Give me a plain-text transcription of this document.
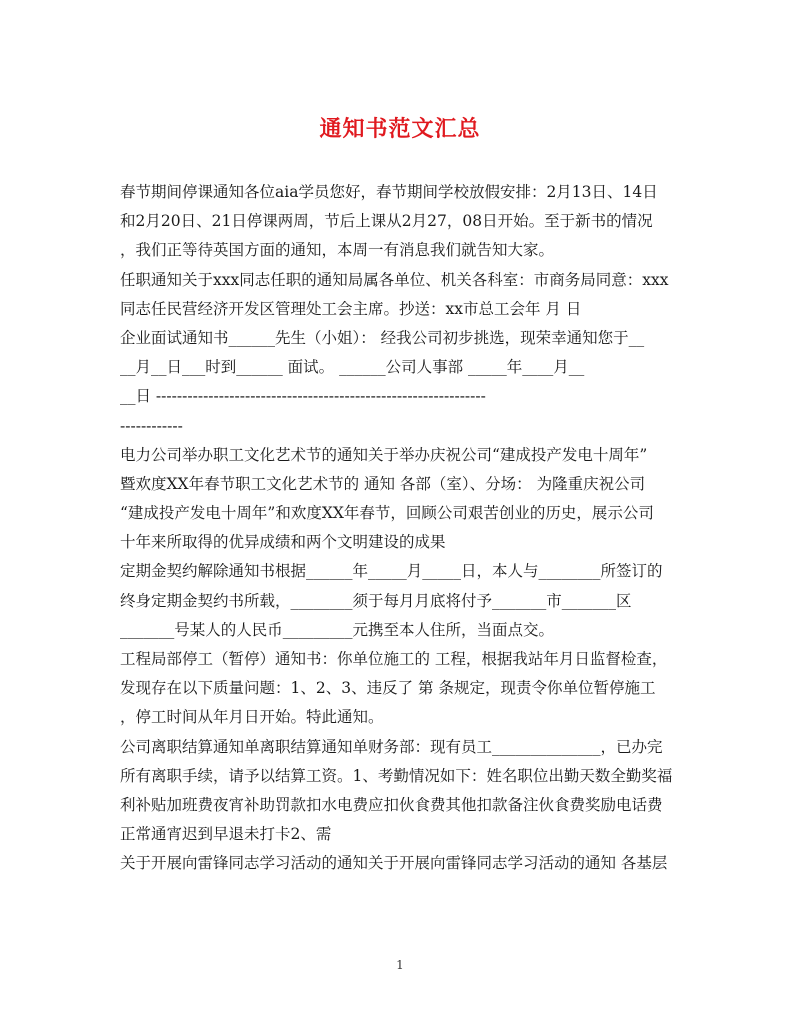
通知书范文汇总
春节期间停课通知各位aia学员您好，春节期间学校放假安排：2月13日、14日
和2月20日、21日停课两周，节后上课从2月27，08日开始。至于新书的情况
，我们正等待英国方面的通知，本周一有消息我们就告知大家。
任职通知关于xxx同志任职的通知局属各单位、机关各科室：市商务局同意：xxx
同志任民营经济开发区管理处工会主席。抄送：xx市总工会年 月 日
企业面试通知书______先生（小姐）： 经我公司初步挑选，现荣幸通知您于__
__月__日___时到______ 面试。 ______公司人事部 _____年____月__
__日 ---------------------------------------------------------------
------------
电力公司举办职工文化艺术节的通知关于举办庆祝公司“建成投产发电十周年”
暨欢度XX年春节职工文化艺术节的 通知 各部（室）、分场： 为隆重庆祝公司
“建成投产发电十周年”和欢度XX年春节，回顾公司艰苦创业的历史，展示公司
十年来所取得的优异成绩和两个文明建设的成果
定期金契约解除通知书根据______年_____月_____日，本人与________所签订的
终身定期金契约书所载，________须于每月月底将付予_______市_______区
_______号某人的人民币_________元携至本人住所，当面点交。
工程局部停工（暂停）通知书：你单位施工的 工程，根据我站年月日监督检查，
发现存在以下质量问题：1、2、3、违反了 第 条规定，现责令你单位暂停施工
，停工时间从年月日开始。特此通知。
公司离职结算通知单离职结算通知单财务部：现有员工______________，已办完
所有离职手续，请予以结算工资。1、考勤情况如下：姓名职位出勤天数全勤奖福
利补贴加班费夜宵补助罚款扣水电费应扣伙食费其他扣款备注伙食费奖励电话费
正常通宵迟到早退未打卡2、需
关于开展向雷锋同志学习活动的通知关于开展向雷锋同志学习活动的通知 各基层
1
